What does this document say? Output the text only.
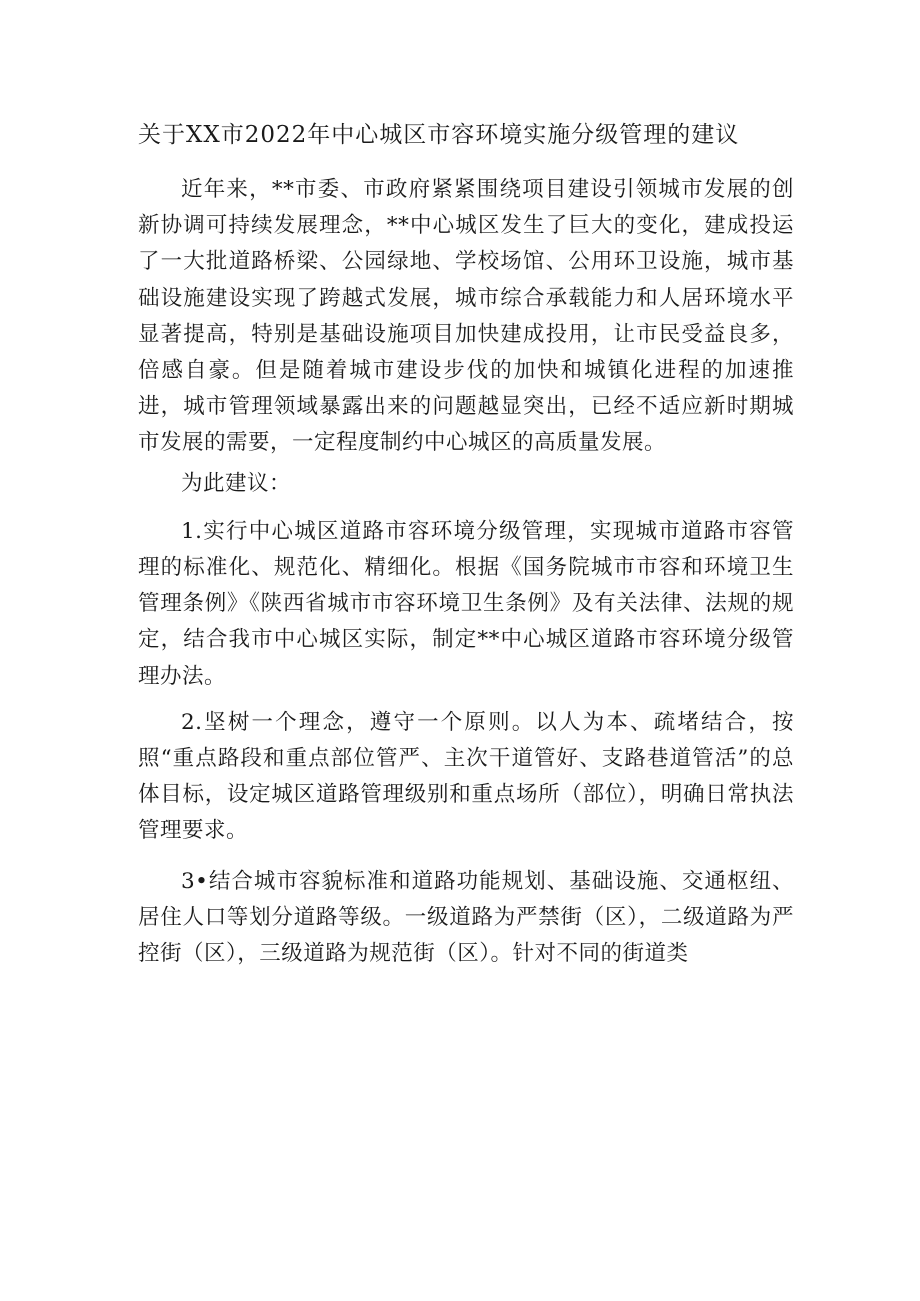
关于XX市2022年中心城区市容环境实施分级管理的建议

近年来，**市委、市政府紧紧围绕项目建设引领城市发展的创新协调可持续发展理念，**中心城区发生了巨大的变化，建成投运了一大批道路桥梁、公园绿地、学校场馆、公用环卫设施，城市基础设施建设实现了跨越式发展，城市综合承载能力和人居环境水平显著提高，特别是基础设施项目加快建成投用，让市民受益良多，倍感自豪。但是随着城市建设步伐的加快和城镇化进程的加速推进，城市管理领域暴露出来的问题越显突出，已经不适应新时期城市发展的需要，一定程度制约中心城区的高质量发展。

为此建议：

1.实行中心城区道路市容环境分级管理，实现城市道路市容管理的标准化、规范化、精细化。根据《国务院城市市容和环境卫生管理条例》《陕西省城市市容环境卫生条例》及有关法律、法规的规定，结合我市中心城区实际，制定**中心城区道路市容环境分级管理办法。

2.坚树一个理念，遵守一个原则。以人为本、疏堵结合，按照“重点路段和重点部位管严、主次干道管好、支路巷道管活”的总体目标，设定城区道路管理级别和重点场所（部位），明确日常执法管理要求。

3•结合城市容貌标准和道路功能规划、基础设施、交通枢纽、居住人口等划分道路等级。一级道路为严禁街（区），二级道路为严控街（区），三级道路为规范街（区）。针对不同的街道类
